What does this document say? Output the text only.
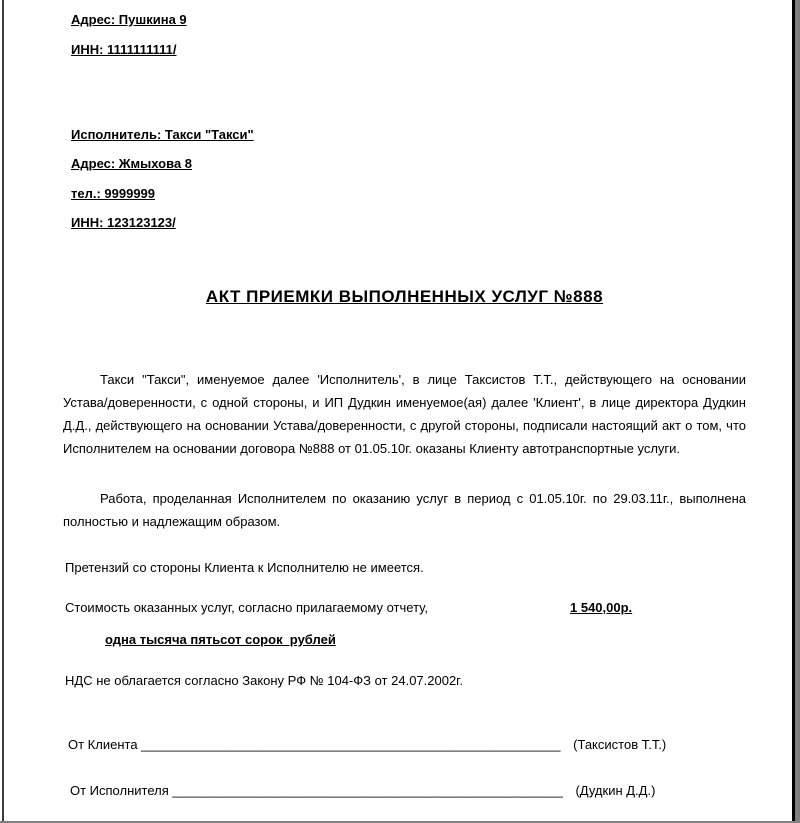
Адрес: Пушкина 9
ИНН: 1111111111/
Исполнитель: Такси "Такси"
Адрес: Жмыхова 8
тел.: 9999999
ИНН: 123123123/
АКТ ПРИЕМКИ ВЫПОЛНЕННЫХ УСЛУГ №888

Такси "Такси", именуемое далее 'Исполнитель', в лице Таксистов Т.Т., действующего на основании Устава/доверенности, с одной стороны, и ИП Дудкин именуемое(ая) далее 'Клиент', в лице директора Дудкин Д.Д., действующего на основании Устава/доверенности, с другой стороны, подписали настоящий акт о том, что Исполнителем на основании договора №888 от 01.05.10г. оказаны Клиенту автотранспортные услуги.

Работа, проделанная Исполнителем по оказанию услуг в период с 01.05.10г. по 29.03.11г., выполнена полностью и надлежащим образом.

Претензий со стороны Клиента к Исполнителю не имеется.
Стоимость оказанных услуг, согласно прилагаемому отчету,	1 540,00р.
одна тысяча пятьсот сорок  рублей
НДС не облагается согласно Закону РФ № 104-ФЗ от 24.07.2002г.
От Клиента __________________________________________________________ (Таксистов Т.Т.)
От Исполнителя ______________________________________________________ (Дудкин Д.Д.)
